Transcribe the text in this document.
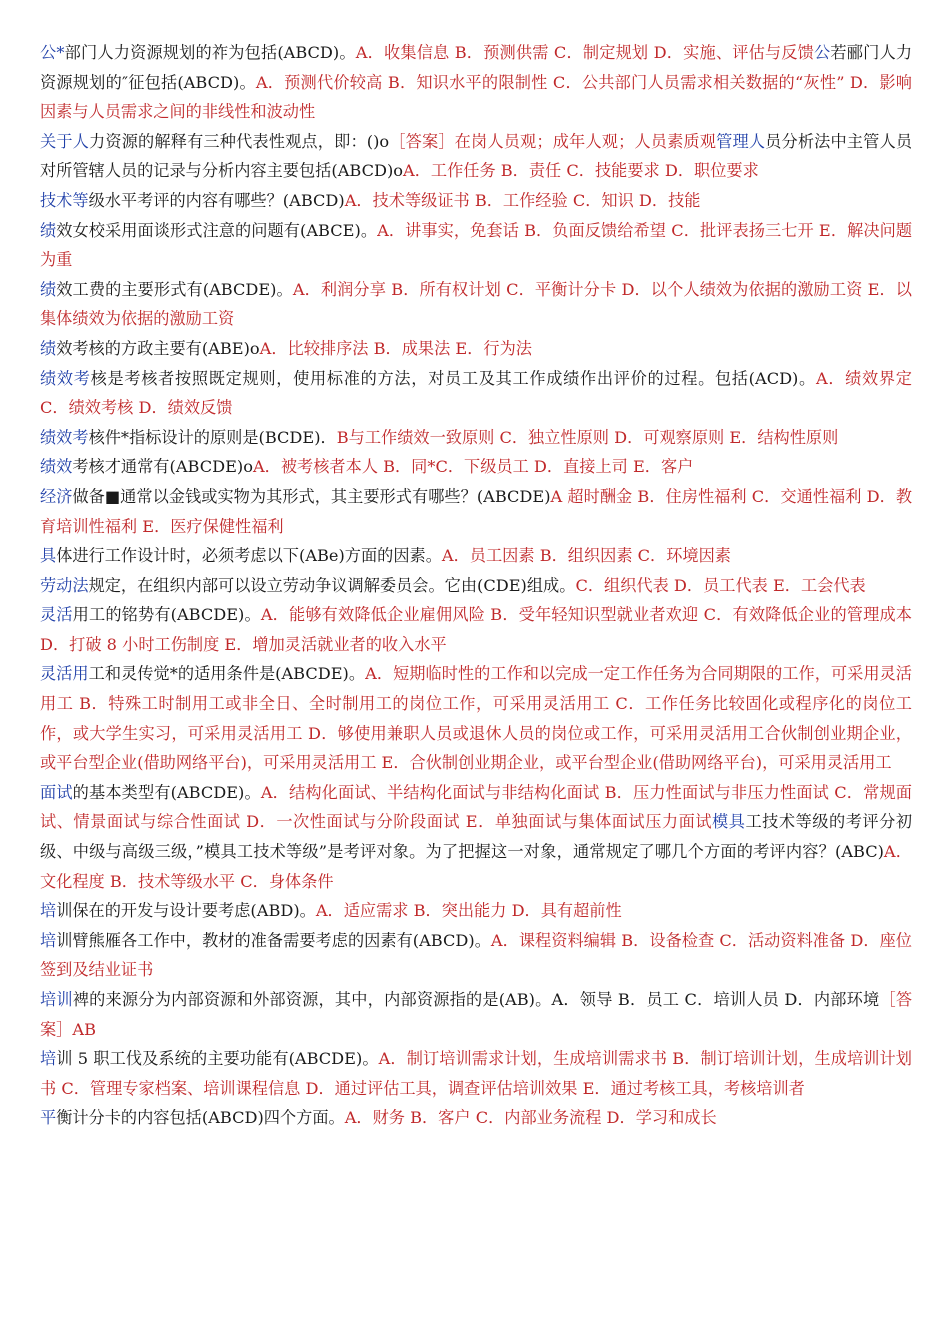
公*部门人力资源规划的祚为包括(ABCD)。A．收集信息 B．预测供需 C．制定规划 D．实施、评估与反馈公若郦门人力资源规划的″征包括(ABCD)。A．预测代价较高 B．知识水平的限制性 C．公共部门人员需求相关数据的“灰性” D．影响因素与人员需求之间的非线性和波动性

关于人力资源的解释有三种代表性观点，即：()o［答案］在岗人员观；成年人观；人员素质观管理人员分析法中主管人员对所管辖人员的记录与分析内容主要包括(ABCD)oA．工作任务 B．责任 C．技能要求 D．职位要求

技术等级水平考评的内容有哪些？(ABCD)A．技术等级证书 B．工作经验 C．知识 D．技能

绩效女校采用面谈形式注意的问题有(ABCE)。A．讲事实，免套话 B．负面反馈给希望 C．批评表扬三七开 E．解决问题为重

绩效工费的主要形式有(ABCDE)。A．利润分享 B．所有权计划 C．平衡计分卡 D．以个人绩效为依据的激励工资 E．以集体绩效为依据的激励工资

绩效考核的方政主要有(ABE)oA．比较排序法 B．成果法 E．行为法

绩效考核是考核者按照既定规则，使用标准的方法，对员工及其工作成绩作出评价的过程。包括(ACD)。A．绩效界定 C．绩效考核 D．绩效反馈

绩效考核件*指标设计的原则是(BCDE)．B与工作绩效一致原则 C．独立性原则 D．可观察原则 E．结构性原则

绩效考核才通常有(ABCDE)oA．被考核者本人 B．同*C．下级员工 D．直接上司 E．客户

经济做备■通常以金钱或实物为其形式，其主要形式有哪些？(ABCDE)A 超时酬金 B．住房性福利 C．交通性福利 D．教育培训性福利 E．医疗保健性福利

具体进行工作设计时，必须考虑以下(ABe)方面的因素。A．员工因素 B．组织因素 C．环境因素

劳动法规定，在组织内部可以设立劳动争议调解委员会。它由(CDE)组成。C．组织代表 D．员工代表 E．工会代表

灵活用工的铭势有(ABCDE)。A．能够有效降低企业雇佣风险 B．受年轻知识型就业者欢迎 C．有效降低企业的管理成本 D．打破 8 小时工伤制度 E．增加灵活就业者的收入水平

灵活用工和灵传觉*的适用条件是(ABCDE)。A．短期临时性的工作和以完成一定工作任务为合同期限的工作，可采用灵活用工 B．特殊工时制用工或非全日、全时制用工的岗位工作，可采用灵活用工 C．工作任务比较固化或程序化的岗位工作，或大学生实习，可采用灵活用工 D．够使用兼职人员或退休人员的岗位或工作，可采用灵活用工合伙制创业期企业，或平台型企业(借助网络平台)，可采用灵活用工 E．合伙制创业期企业，或平台型企业(借助网络平台)，可采用灵活用工

面试的基本类型有(ABCDE)。A．结构化面试、半结构化面试与非结构化面试 B．压力性面试与非压力性面试 C．常规面试、情景面试与综合性面试 D．一次性面试与分阶段面试 E．单独面试与集体面试压力面试模具工技术等级的考评分初级、中级与高级三级，”模具工技术等级”是考评对象。为了把握这一对象，通常规定了哪几个方面的考评内容？(ABC)A．文化程度 B．技术等级水平 C．身体条件

培训保在的开发与设计要考虑(ABD)。A．适应需求 B．突出能力 D．具有超前性

培训臂熊雁各工作中，教材的准备需要考虑的因素有(ABCD)。A．课程资料编辑 B．设备检查 C．活动资料准备 D．座位签到及结业证书

培训裨的来源分为内部资源和外部资源，其中，内部资源指的是(AB)。A．领导 B．员工 C．培训人员 D．内部环境［答案］AB

培训 5 职工伐及系统的主要功能有(ABCDE)。A．制订培训需求计划，生成培训需求书 B．制订培训计划，生成培训计划书 C．管理专家档案、培训课程信息 D．通过评估工具，调查评估培训效果 E．通过考核工具，考核培训者

平衡计分卡的内容包括(ABCD)四个方面。A．财务 B．客户 C．内部业务流程 D．学习和成长
